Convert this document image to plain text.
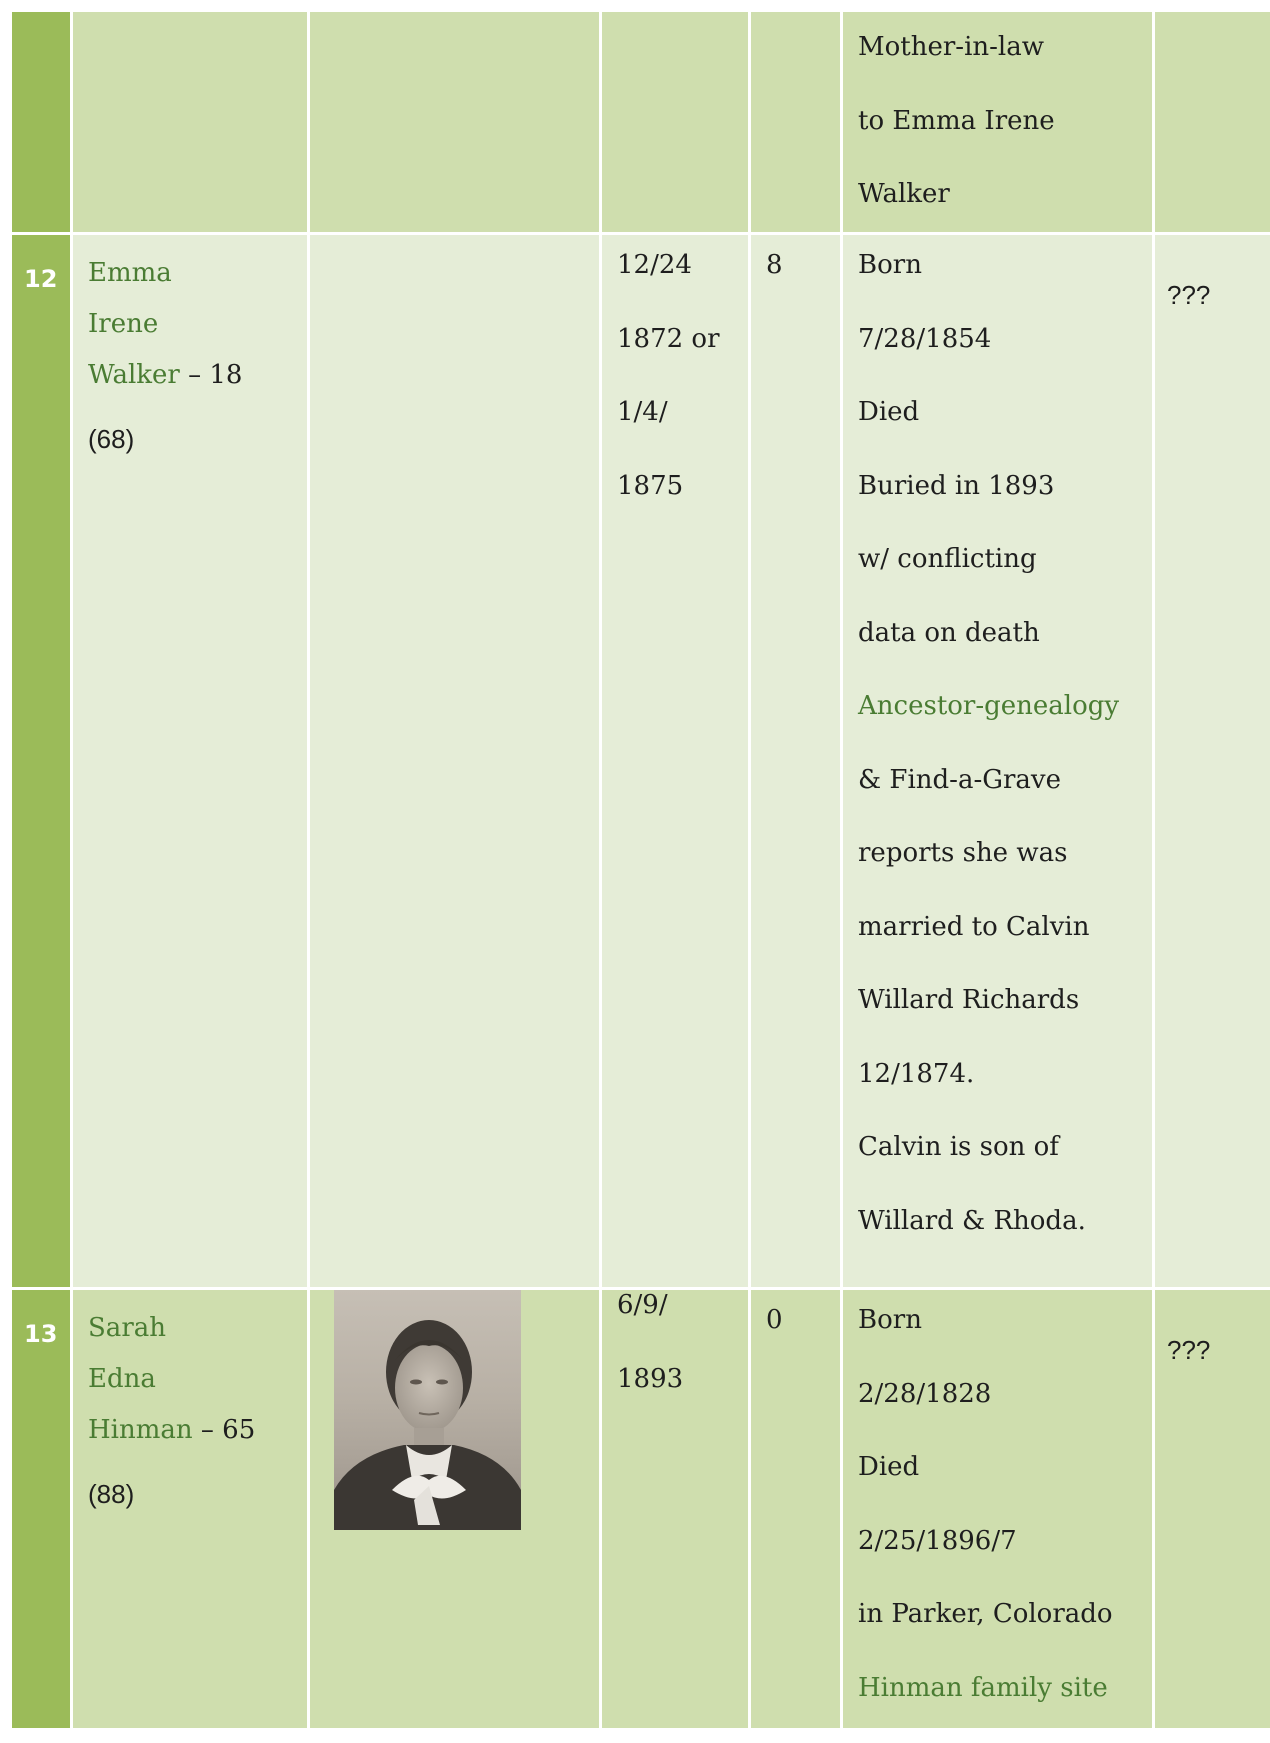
Mother-in-law
to Emma Irene
Walker
12 Emma
Irene
Walker – 18
(68)
12/24
1872 or
1/4/
1875
8	Born
7/28/1854
Died
Buried in 1893
w/ conflicting
data on death
Ancestor-genealogy
& Find-a-Grave
reports she was
married to Calvin
Willard Richards
12/1874.
Calvin is son of
Willard & Rhoda.
???
13 Sarah
Edna
Hinman – 65
(88)
6/9/
1893
0	Born
2/28/1828
Died
2/25/1896/7
in Parker, Colorado
Hinman family site
???
